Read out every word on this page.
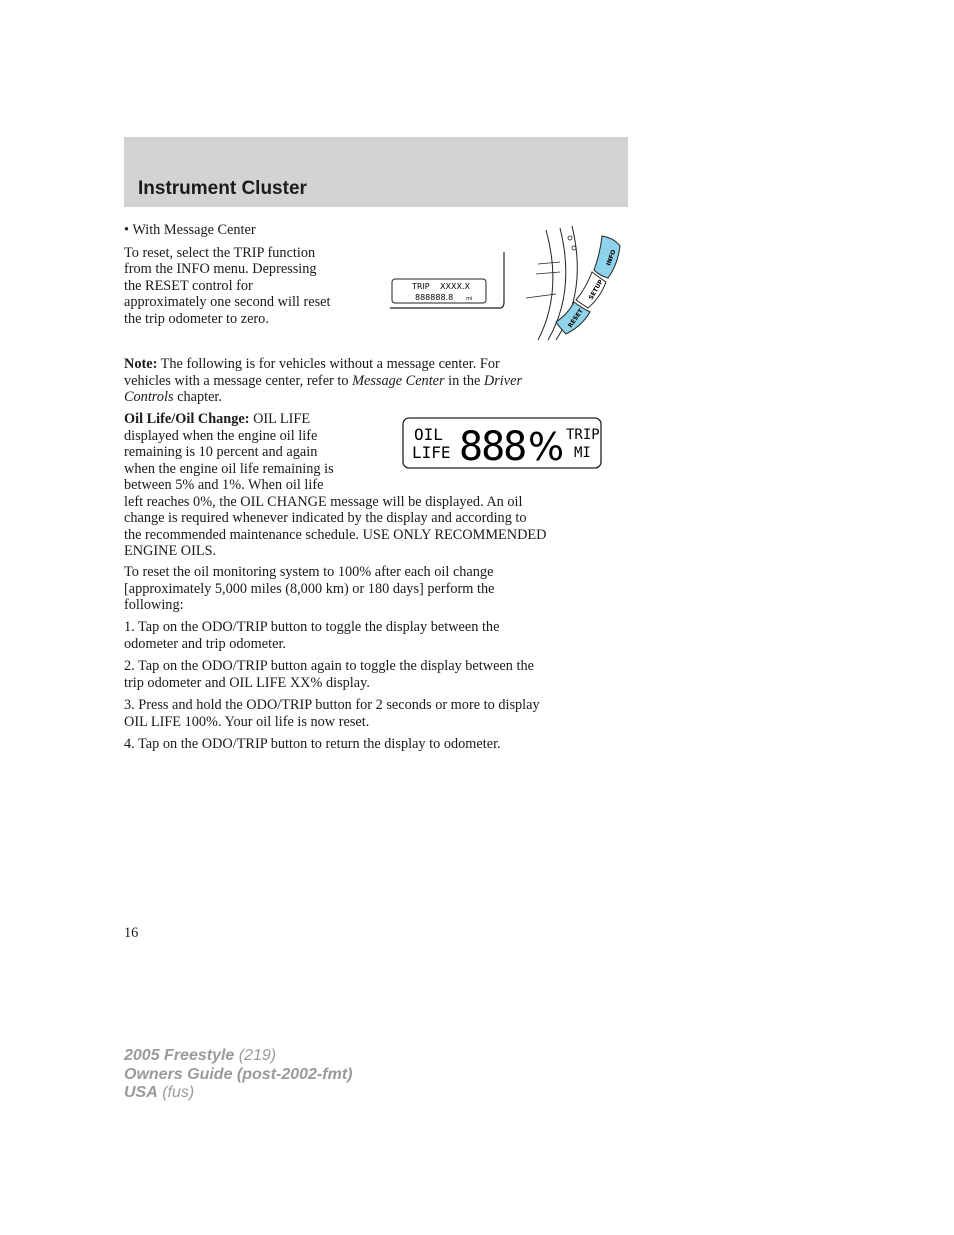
Instrument Cluster

• With Message Center

To reset, select the TRIP function

from the INFO menu. Depressing

the RESET control for

approximately one second will reset

the trip odometer to zero.

TRIP XXXX.X
888888.8	mi
INFO
SETUP
RESET

Note: The following is for vehicles without a message center. For

vehicles with a message center, refer to Message Center in the Driver

Controls chapter.

Oil Life/Oil Change: OIL LIFE

displayed when the engine oil life

remaining is 10 percent and again

when the engine oil life remaining is

between 5% and 1%. When oil life

left reaches 0%, the OIL CHANGE message will be displayed. An oil

change is required whenever indicated by the display and according to

the recommended maintenance schedule. USE ONLY RECOMMENDED

ENGINE OILS.

OIL
LIFE 888 % TRIP
MI

To reset the oil monitoring system to 100% after each oil change

[approximately 5,000 miles (8,000 km) or 180 days] perform the

following:

1. Tap on the ODO/TRIP button to toggle the display between the

odometer and trip odometer.

2. Tap on the ODO/TRIP button again to toggle the display between the

trip odometer and OIL LIFE XX% display.

3. Press and hold the ODO/TRIP button for 2 seconds or more to display

OIL LIFE 100%. Your oil life is now reset.

4. Tap on the ODO/TRIP button to return the display to odometer.

16
2005 Freestyle (219)
Owners Guide (post-2002-fmt)
USA (fus)
